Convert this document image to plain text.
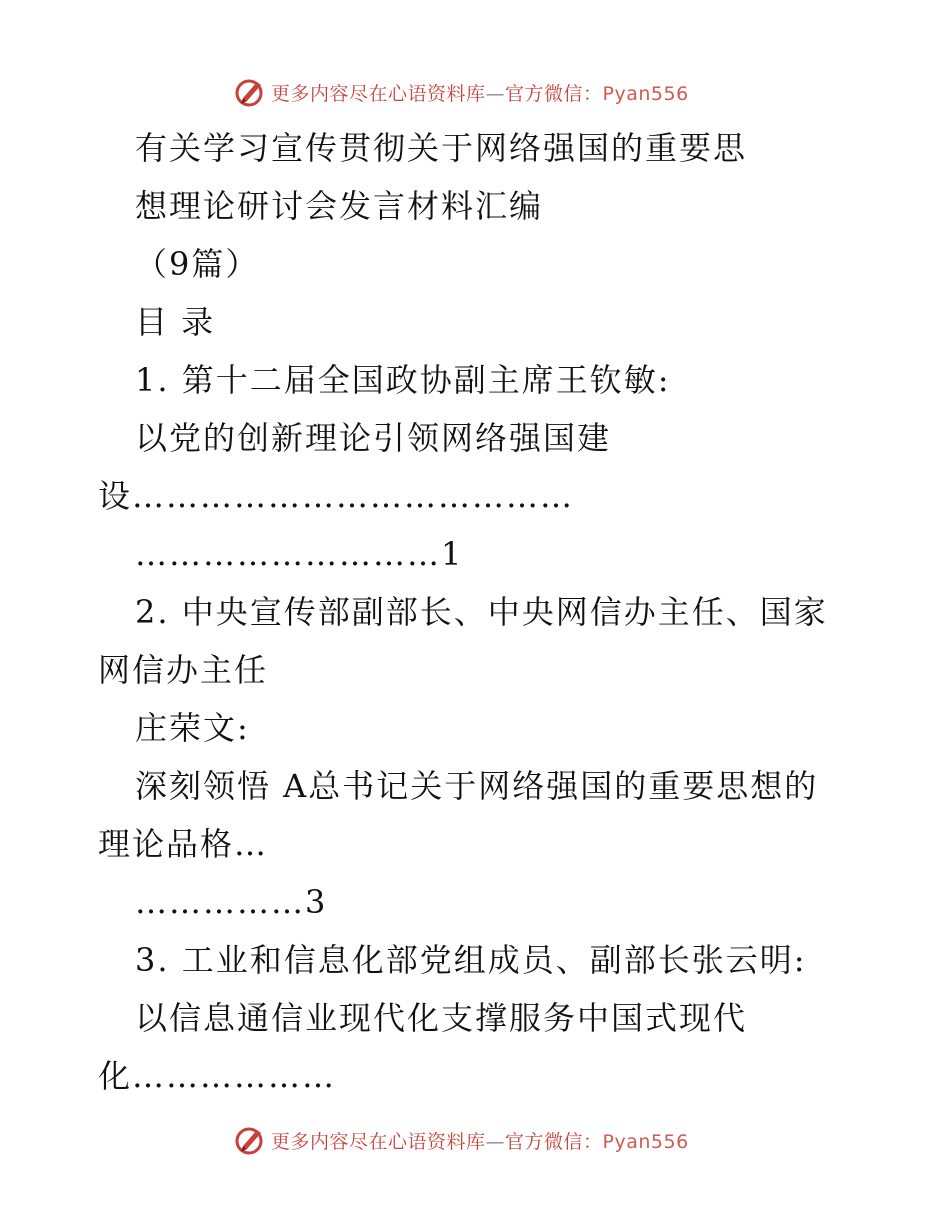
更多内容尽在心语资料库—官方微信：Pyan556
有关学习宣传贯彻关于网络强国的重要思
想理论研讨会发言材料汇编
（9篇）
目 录
1. 第十二届全国政协副主席王钦敏:
以党的创新理论引领网络强国建
设…………………………………
………………………1
2. 中央宣传部副部长、中央网信办主任、国家
网信办主任
庄荣文:
深刻领悟 A总书记关于网络强国的重要思想的
理论品格…
……………3
3. 工业和信息化部党组成员、副部长张云明:
以信息通信业现代化支撑服务中国式现代
化………………
更多内容尽在心语资料库—官方微信：Pyan556
